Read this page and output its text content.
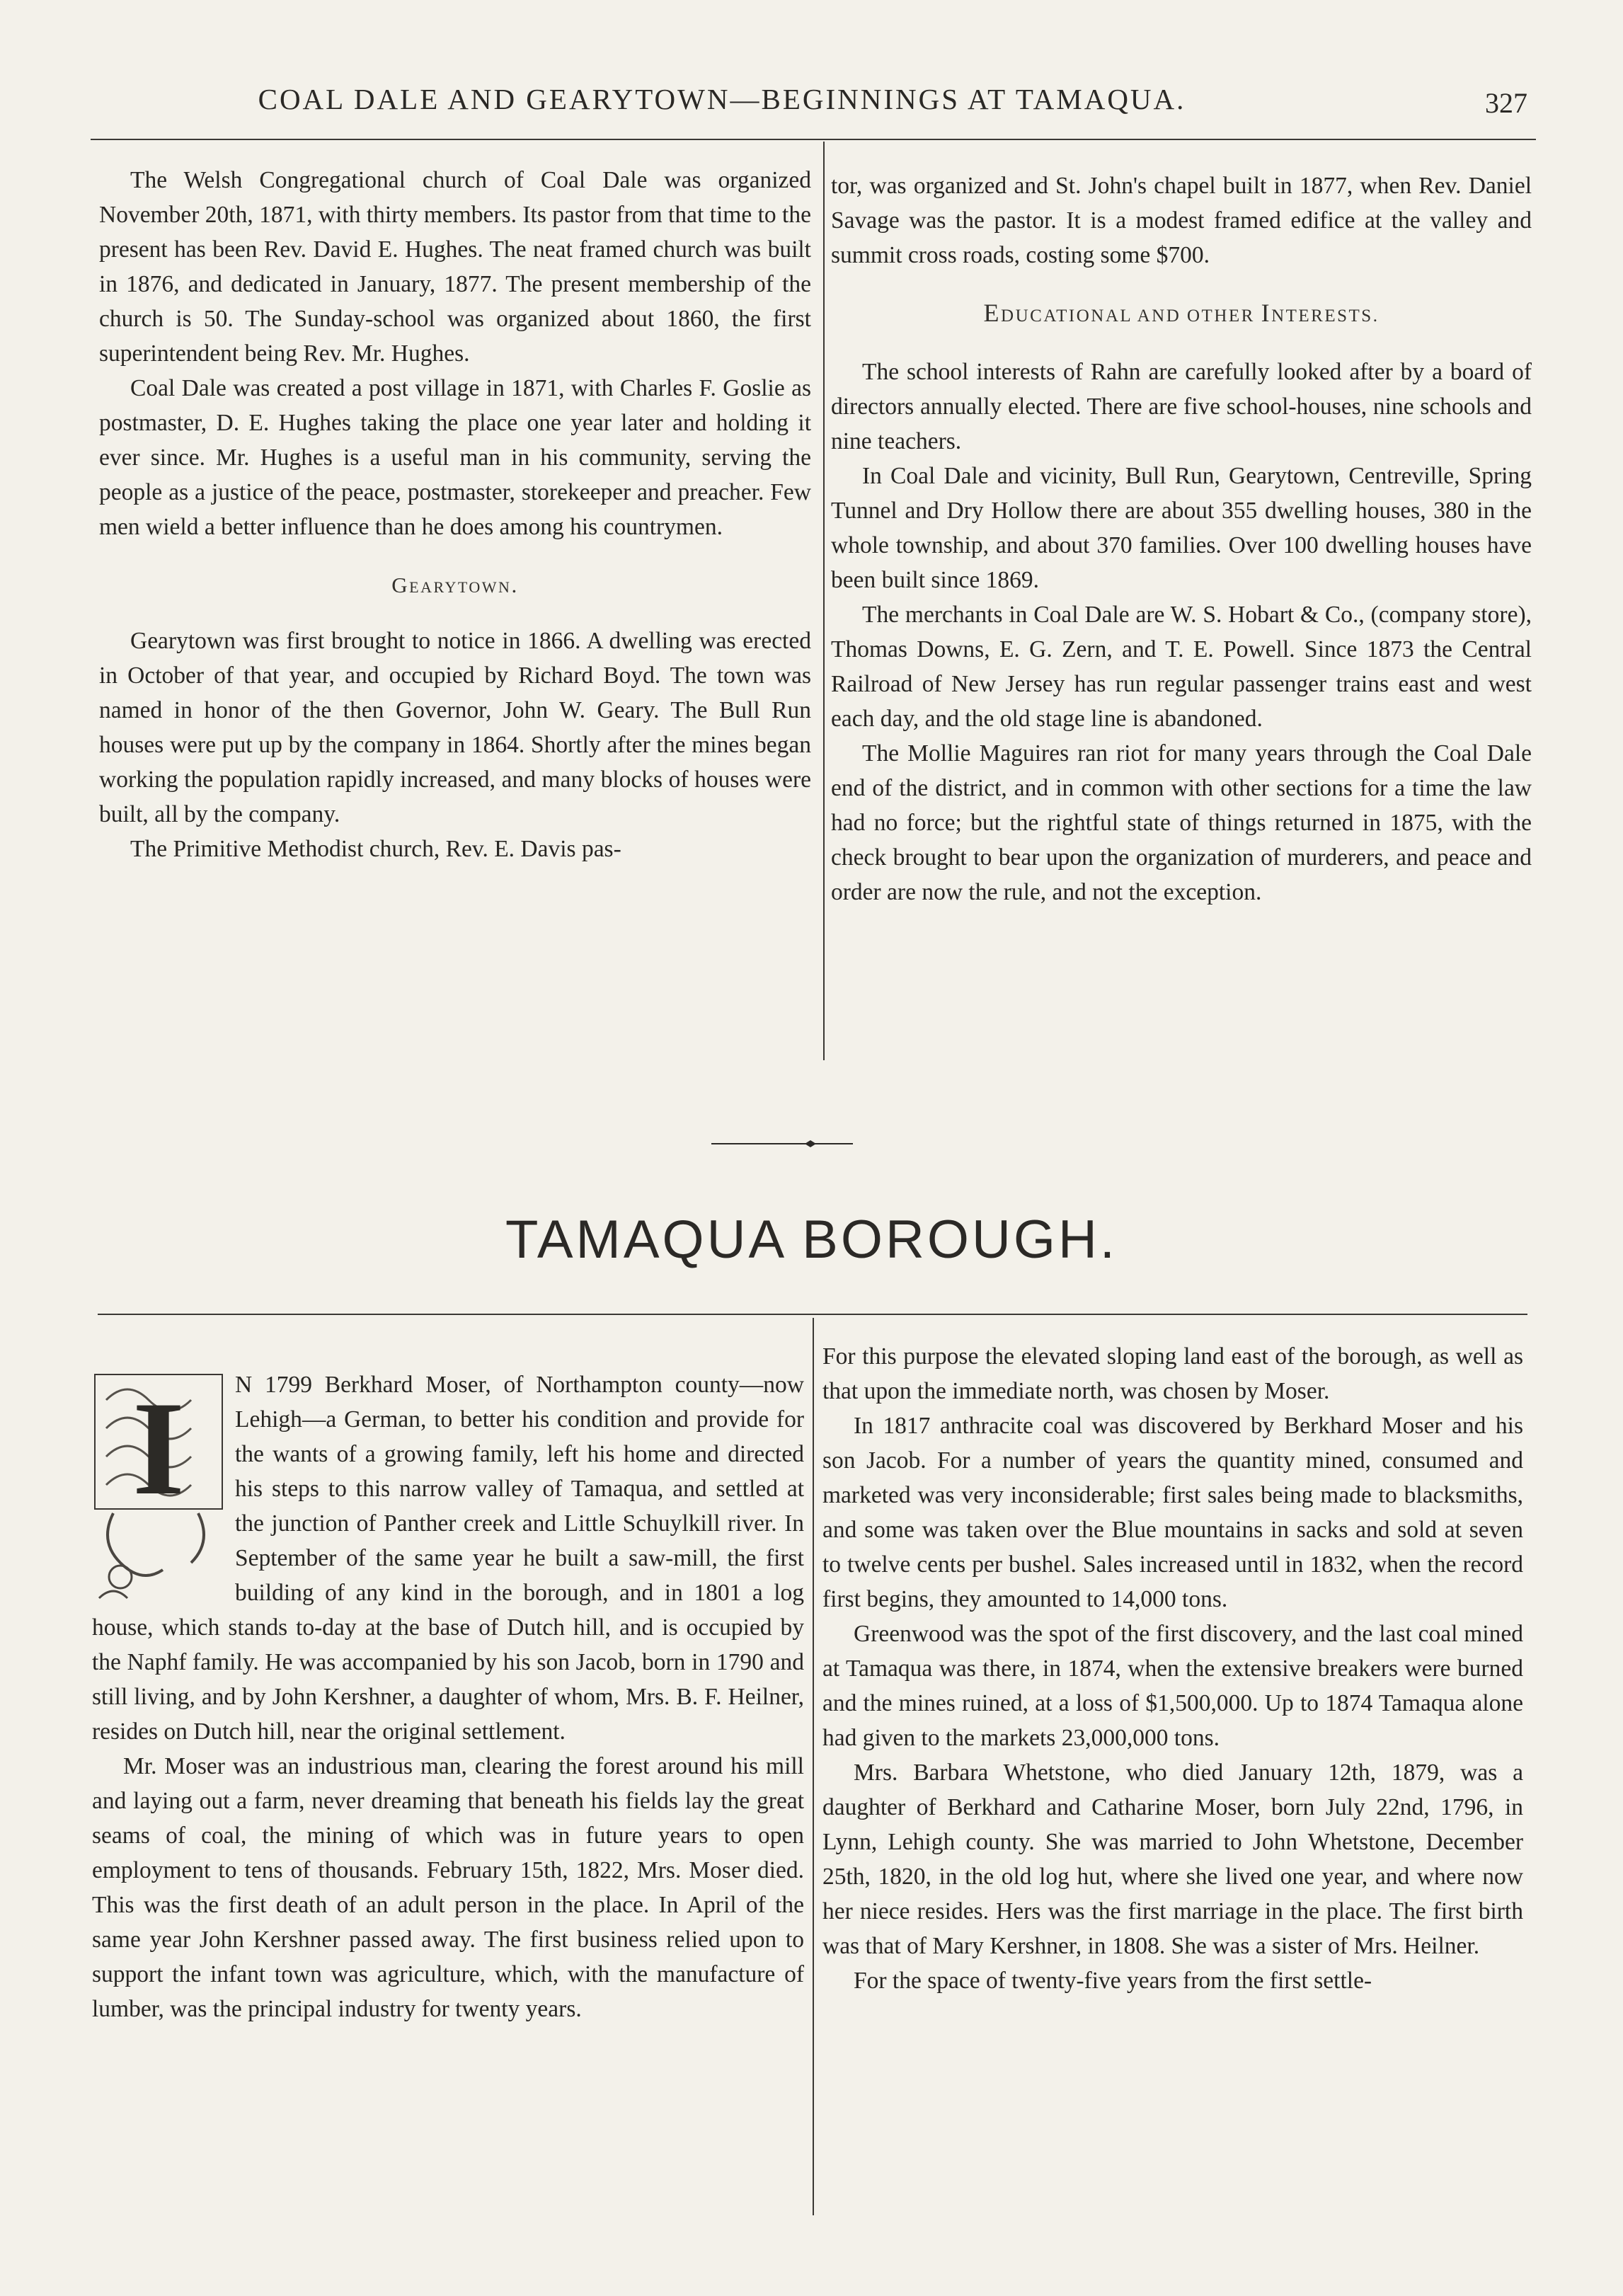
COAL DALE AND GEARYTOWN—BEGINNINGS AT TAMAQUA.	327

The Welsh Congregational church of Coal Dale was organized November 20th, 1871, with thirty members. Its pastor from that time to the present has been Rev. David E. Hughes. The neat framed church was built in 1876, and dedicated in January, 1877. The present membership of the church is 50. The Sunday-school was organized about 1860, the first superintendent being Rev. Mr. Hughes.

Coal Dale was created a post village in 1871, with Charles F. Goslie as postmaster, D. E. Hughes taking the place one year later and holding it ever since. Mr. Hughes is a useful man in his community, serving the people as a justice of the peace, postmaster, storekeeper and preacher. Few men wield a better influence than he does among his countrymen.

Gearytown.

Gearytown was first brought to notice in 1866. A dwelling was erected in October of that year, and occupied by Richard Boyd. The town was named in honor of the then Governor, John W. Geary. The Bull Run houses were put up by the company in 1864. Shortly after the mines began working the population rapidly increased, and many blocks of houses were built, all by the company.

The Primitive Methodist church, Rev. E. Davis pas-

tor, was organized and St. John's chapel built in 1877, when Rev. Daniel Savage was the pastor. It is a modest framed edifice at the valley and summit cross roads, costing some $700.

EDUCATIONAL AND OTHER INTERESTS.

The school interests of Rahn are carefully looked after by a board of directors annually elected. There are five school-houses, nine schools and nine teachers.

In Coal Dale and vicinity, Bull Run, Gearytown, Centreville, Spring Tunnel and Dry Hollow there are about 355 dwelling houses, 380 in the whole township, and about 370 families. Over 100 dwelling houses have been built since 1869.

The merchants in Coal Dale are W. S. Hobart & Co., (company store), Thomas Downs, E. G. Zern, and T. E. Powell. Since 1873 the Central Railroad of New Jersey has run regular passenger trains east and west each day, and the old stage line is abandoned.

The Mollie Maguires ran riot for many years through the Coal Dale end of the district, and in common with other sections for a time the law had no force; but the rightful state of things returned in 1875, with the check brought to bear upon the organization of murderers, and peace and order are now the rule, and not the exception.

TAMAQUA BOROUGH.
I	N 1799 Berkhard Moser, of Northampton county—now Lehigh—a German, to better his condition and provide for the wants of a growing family, left his home and directed his steps to this narrow valley of Tamaqua, and settled at the junction of Panther creek and Little Schuylkill river. In September of the same year he built a saw-mill, the first building of any kind in the borough, and in 1801 a log house, which stands to-day at the base of Dutch hill, and is occupied by the Naphf family. He was accompanied by his son Jacob, born in 1790 and still living, and by John Kershner, a daughter of whom, Mrs. B. F. Heilner, resides on Dutch hill, near the original settlement.

Mr. Moser was an industrious man, clearing the forest around his mill and laying out a farm, never dreaming that beneath his fields lay the great seams of coal, the mining of which was in future years to open employment to tens of thousands. February 15th, 1822, Mrs. Moser died. This was the first death of an adult person in the place. In April of the same year John Kershner passed away. The first business relied upon to support the infant town was agriculture, which, with the manufacture of lumber, was the principal industry for twenty years.

For this purpose the elevated sloping land east of the borough, as well as that upon the immediate north, was chosen by Moser.

In 1817 anthracite coal was discovered by Berkhard Moser and his son Jacob. For a number of years the quantity mined, consumed and marketed was very inconsiderable; first sales being made to blacksmiths, and some was taken over the Blue mountains in sacks and sold at seven to twelve cents per bushel. Sales increased until in 1832, when the record first begins, they amounted to 14,000 tons.

Greenwood was the spot of the first discovery, and the last coal mined at Tamaqua was there, in 1874, when the extensive breakers were burned and the mines ruined, at a loss of $1,500,000. Up to 1874 Tamaqua alone had given to the markets 23,000,000 tons.

Mrs. Barbara Whetstone, who died January 12th, 1879, was a daughter of Berkhard and Catharine Moser, born July 22nd, 1796, in Lynn, Lehigh county. She was married to John Whetstone, December 25th, 1820, in the old log hut, where she lived one year, and where now her niece resides. Hers was the first marriage in the place. The first birth was that of Mary Kershner, in 1808. She was a sister of Mrs. Heilner.

For the space of twenty-five years from the first settle-
